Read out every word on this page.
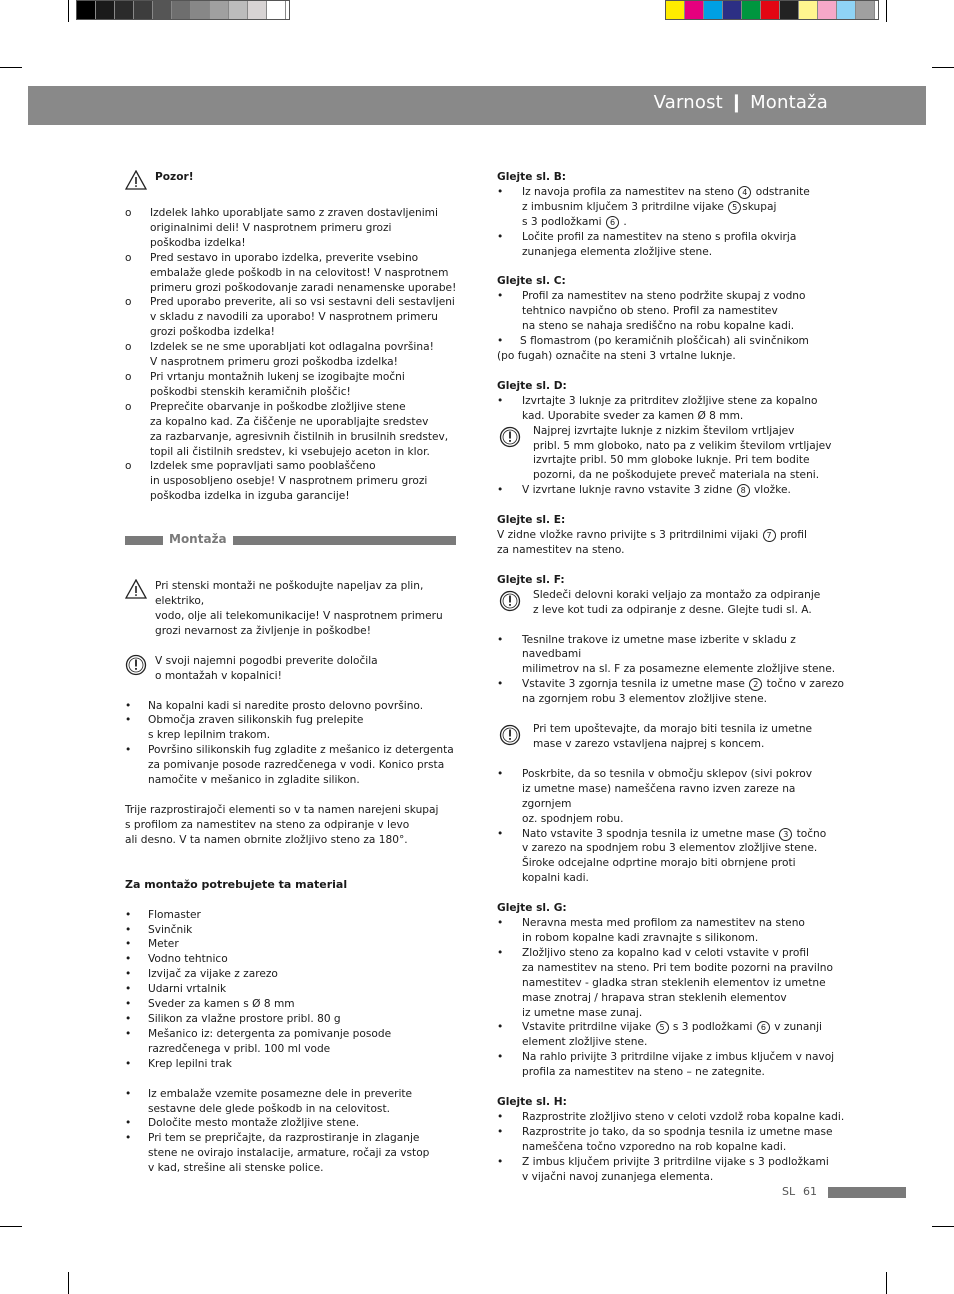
Varnost ❙ Montaža
Pozor!
o	Izdelek lahko uporabljate samo z zraven dostavljenimi
originalnimi deli! V nasprotnem primeru grozi
poškodba izdelka!
o	Pred sestavo in uporabo izdelka, preverite vsebino
embalaže glede poškodb in na celovitost! V nasprotnem
primeru grozi poškodovanje zaradi nenamenske uporabe!
o	Pred uporabo preverite, ali so vsi sestavni deli sestavljeni
v skladu z navodili za uporabo! V nasprotnem primeru
grozi poškodba izdelka!
o	Izdelek se ne sme uporabljati kot odlagalna površina!
V nasprotnem primeru grozi poškodba izdelka!
o	Pri vrtanju montažnih lukenj se izogibajte močni
poškodbi stenskih keramičnih ploščic!
o	Preprečite obarvanje in poškodbe zložljive stene
za kopalno kad. Za čiščenje ne uporabljajte sredstev
za razbarvanje, agresivnih čistilnih in brusilnih sredstev,
topil ali čistilnih sredstev, ki vsebujejo aceton in klor.
o	Izdelek sme popravljati samo pooblaščeno
in usposobljeno osebje! V nasprotnem primeru grozi
poškodba izdelka in izguba garancije!
Montaža
Pri stenski montaži ne poškodujte napeljav za plin, elektriko,
vodo, olje ali telekomunikacije! V nasprotnem primeru
grozi nevarnost za življenje in poškodbe!
V svoji najemni pogodbi preverite določila
o montažah v kopalnici!
•	Na kopalni kadi si naredite prosto delovno površino.
•	Območja zraven silikonskih fug prelepite
s krep lepilnim trakom.
•	Površino silikonskih fug zgladite z mešanico iz detergenta
za pomivanje posode razredčenega v vodi. Konico prsta
namočite v mešanico in zgladite silikon.
Trije razprostirajoči elementi so v ta namen narejeni skupaj
s profilom za namestitev na steno za odpiranje v levo
ali desno. V ta namen obrnite zložljivo steno za 180°.
Za montažo potrebujete ta material
•	Flomaster
•	Svinčnik
•	Meter
•	Vodno tehtnico
•	Izvijač za vijake z zarezo
•	Udarni vrtalnik
•	Sveder za kamen s Ø 8 mm
•	Silikon za vlažne prostore pribl. 80 g
•	Mešanico iz: detergenta za pomivanje posode
razredčenega v pribl. 100 ml vode
•	Krep lepilni trak
•	Iz embalaže vzemite posamezne dele in preverite
sestavne dele glede poškodb in na celovitost.
•	Določite mesto montaže zložljive stene.
•	Pri tem se prepričajte, da razprostiranje in zlaganje
stene ne ovirajo instalacije, armature, ročaji za vstop
v kad, strešine ali stenske police.
Glejte sl. B:
•	Iz navoja profila za namestitev na steno 4 odstranite
z imbusnim ključem 3 pritrdilne vijake 5 skupaj
s 3 podložkami 6 .
•	Ločite profil za namestitev na steno s profila okvirja
zunanjega elementa zložljive stene.
Glejte sl. C:
•	Profil za namestitev na steno podržite skupaj z vodno
tehtnico navpično ob steno. Profil za namestitev
na steno se nahaja središčno na robu kopalne kadi.
• S flomastrom (po keramičnih ploščicah) ali svinčnikom
(po fugah) označite na steni 3 vrtalne luknje.
Glejte sl. D:
•	Izvrtajte 3 luknje za pritrditev zložljive stene za kopalno
kad. Uporabite sveder za kamen Ø 8 mm.
Najprej izvrtajte luknje z nizkim številom vrtljajev
pribl. 5 mm globoko, nato pa z velikim številom vrtljajev
izvrtajte pribl. 50 mm globoke luknje. Pri tem bodite
pozorni, da ne poškodujete preveč materiala na steni.
•	V izvrtane luknje ravno vstavite 3 zidne 8 vložke.
Glejte sl. E:
V zidne vložke ravno privijte s 3 pritrdilnimi vijaki 7 profil
za namestitev na steno.
Glejte sl. F:
Sledeči delovni koraki veljajo za montažo za odpiranje
z leve kot tudi za odpiranje z desne. Glejte tudi sl. A.
•	Tesnilne trakove iz umetne mase izberite v skladu z navedbami
milimetrov na sl. F za posamezne elemente zložljive stene.
•	Vstavite 3 zgornja tesnila iz umetne mase 2 točno v zarezo
na zgornjem robu 3 elementov zložljive stene.
Pri tem upoštevajte, da morajo biti tesnila iz umetne
mase v zarezo vstavljena najprej s koncem.
•	Poskrbite, da so tesnila v območju sklepov (sivi pokrov
iz umetne mase) nameščena ravno izven zareze na zgornjem
oz. spodnjem robu.
•	Nato vstavite 3 spodnja tesnila iz umetne mase 3 točno
v zarezo na spodnjem robu 3 elementov zložljive stene.
Široke odcejalne odprtine morajo biti obrnjene proti
kopalni kadi.
Glejte sl. G:
•	Neravna mesta med profilom za namestitev na steno
in robom kopalne kadi zravnajte s silikonom.
•	Zložljivo steno za kopalno kad v celoti vstavite v profil
za namestitev na steno. Pri tem bodite pozorni na pravilno
namestitev - gladka stran steklenih elementov iz umetne
mase znotraj / hrapava stran steklenih elementov
iz umetne mase zunaj.
•	Vstavite pritrdilne vijake 5 s 3 podložkami 6 v zunanji
element zložljive stene.
•	Na rahlo privijte 3 pritrdilne vijake z imbus ključem v navoj
profila za namestitev na steno – ne zategnite.
Glejte sl. H:
•	Razprostrite zložljivo steno v celoti vzdolž roba kopalne kadi.
•	Razprostrite jo tako, da so spodnja tesnila iz umetne mase
nameščena točno vzporedno na rob kopalne kadi.
•	Z imbus ključem privijte 3 pritrdilne vijake s 3 podložkami
v vijačni navoj zunanjega elementa.
SL 61
